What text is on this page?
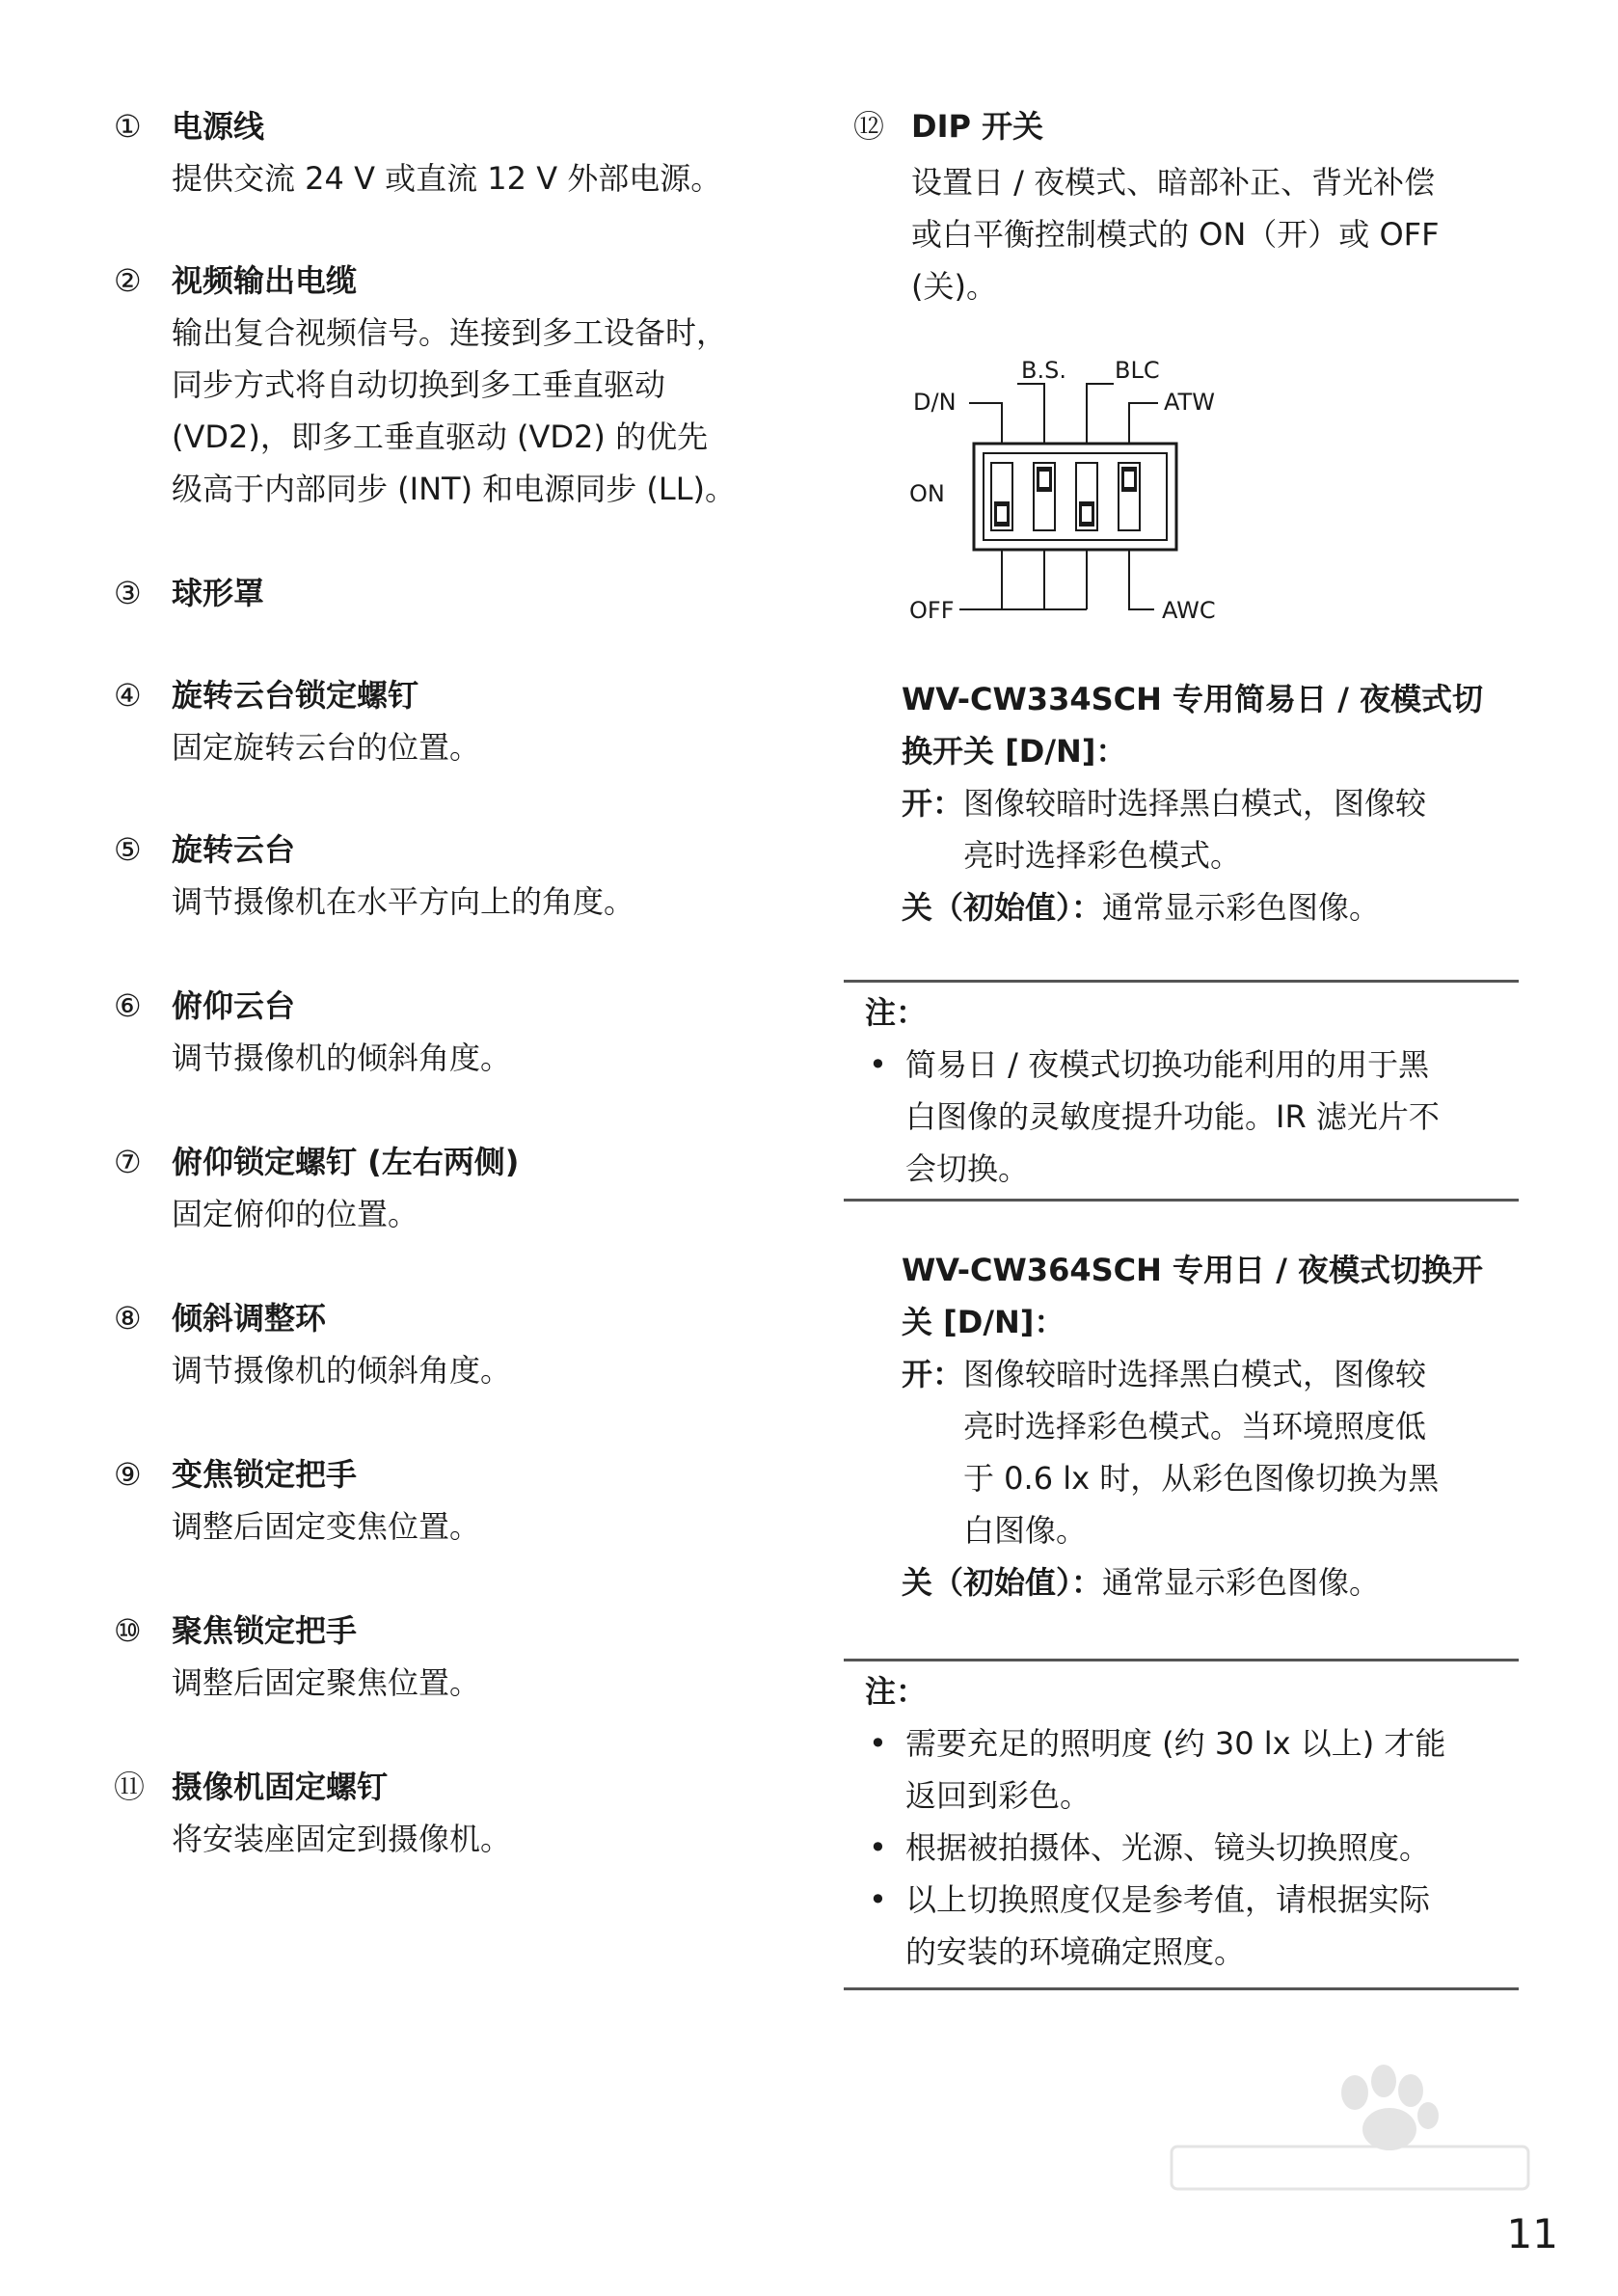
① 电源线
提供交流 24 V 或直流 12 V 外部电源。
② 视频输出电缆
输出复合视频信号。连接到多工设备时，
同步方式将自动切换到多工垂直驱动
(VD2)，即多工垂直驱动 (VD2) 的优先
级高于内部同步 (INT) 和电源同步 (LL)。
③ 球形罩
④ 旋转云台锁定螺钉
固定旋转云台的位置。
⑤ 旋转云台
调节摄像机在水平方向上的角度。
⑥ 俯仰云台
调节摄像机的倾斜角度。
⑦ 俯仰锁定螺钉 (左右两侧)
固定俯仰的位置。
⑧ 倾斜调整环
调节摄像机的倾斜角度。
⑨ 变焦锁定把手
调整后固定变焦位置。
⑩ 聚焦锁定把手
调整后固定聚焦位置。
⑪ 摄像机固定螺钉
将安装座固定到摄像机。
⑫ DIP 开关
设置日 / 夜模式、暗部补正、背光补偿
或白平衡控制模式的 ON（开）或 OFF
(关)。
B.S. BLC
D/N	ATW
ON
OFF	AWC
WV-CW334SCH 专用简易日 / 夜模式切
换开关 [D/N]：
开：图像较暗时选择黑白模式，图像较
亮时选择彩色模式。
关（初始值）：通常显示彩色图像。
注：
• 简易日 / 夜模式切换功能利用的用于黑
白图像的灵敏度提升功能。IR 滤光片不
会切换。
WV-CW364SCH 专用日 / 夜模式切换开
关 [D/N]：
开：图像较暗时选择黑白模式，图像较
亮时选择彩色模式。当环境照度低
于 0.6 lx 时，从彩色图像切换为黑
白图像。
关（初始值）：通常显示彩色图像。
注：
• 需要充足的照明度 (约 30 lx 以上) 才能
返回到彩色。
• 根据被拍摄体、光源、镜头切换照度。
• 以上切换照度仅是参考值，请根据实际
的安装的环境确定照度。
11
